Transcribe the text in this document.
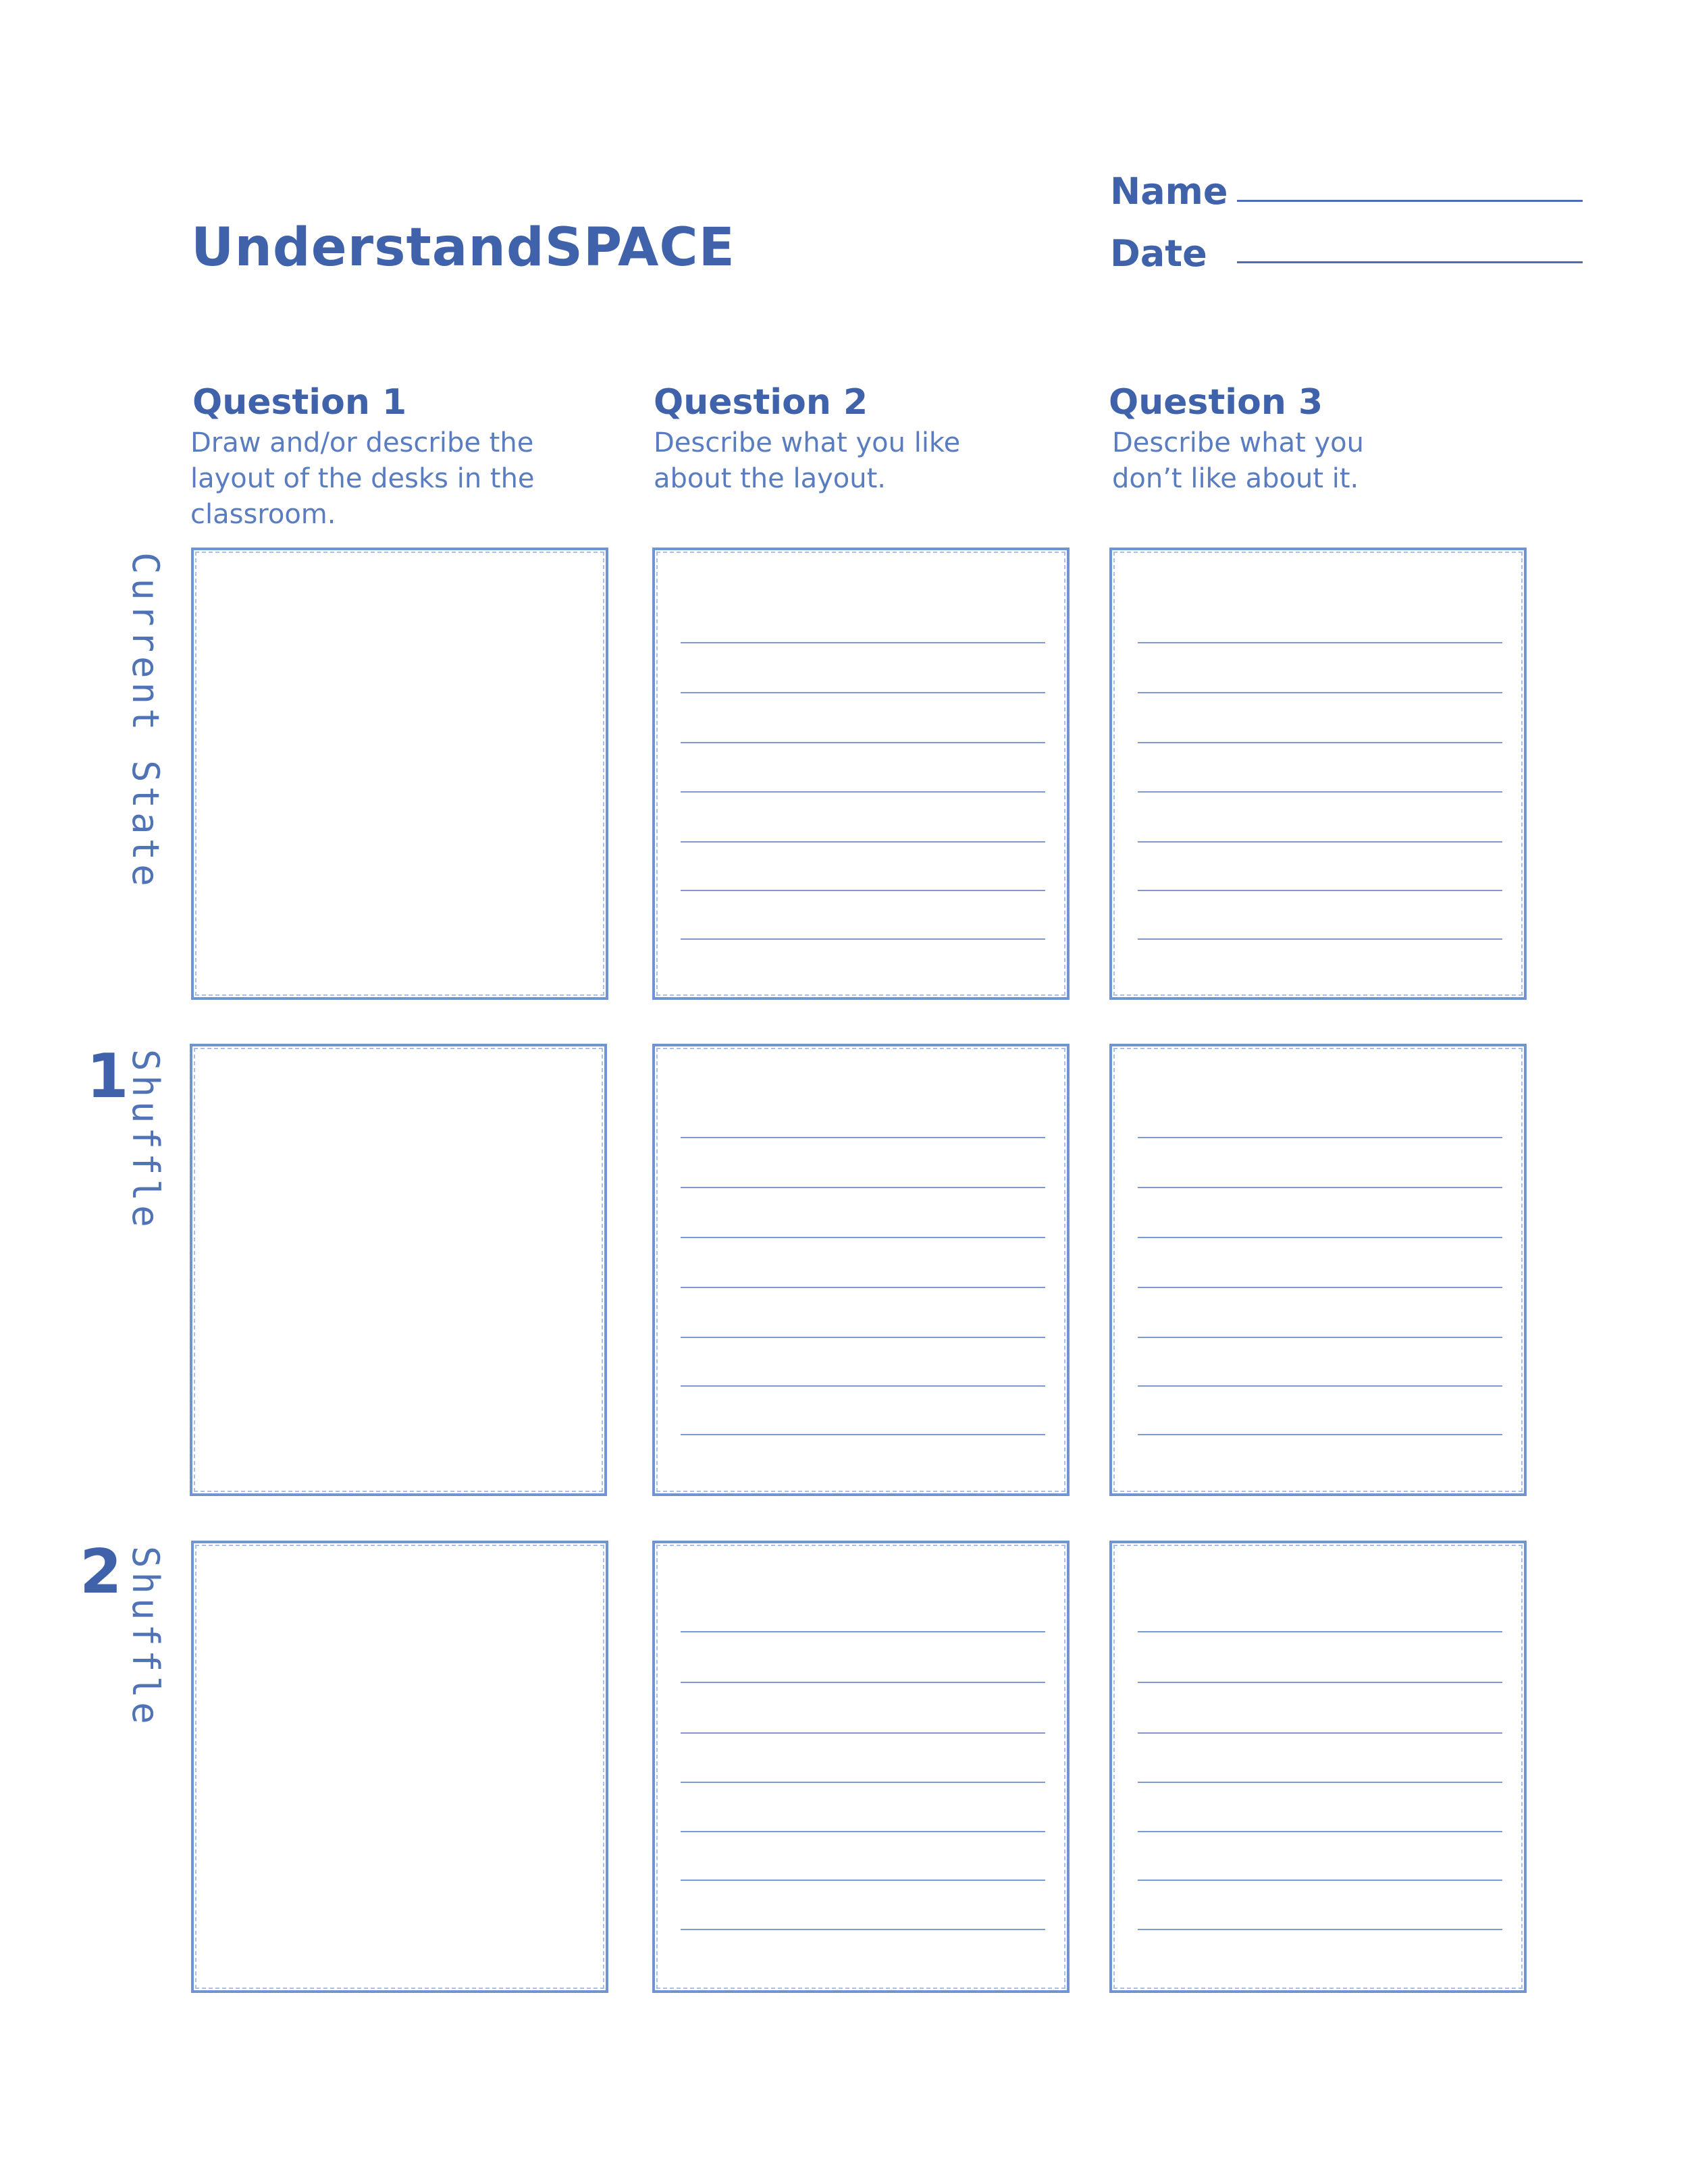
UnderstandSPACE
Name
Date
Question 1
Draw and/or describe the layout of the desks in the classroom.
Question 2
Describe what you like about the layout.
Question 3
Describe what you don’t like about it.
Current State
1
Shuffle
2 Shuffle
